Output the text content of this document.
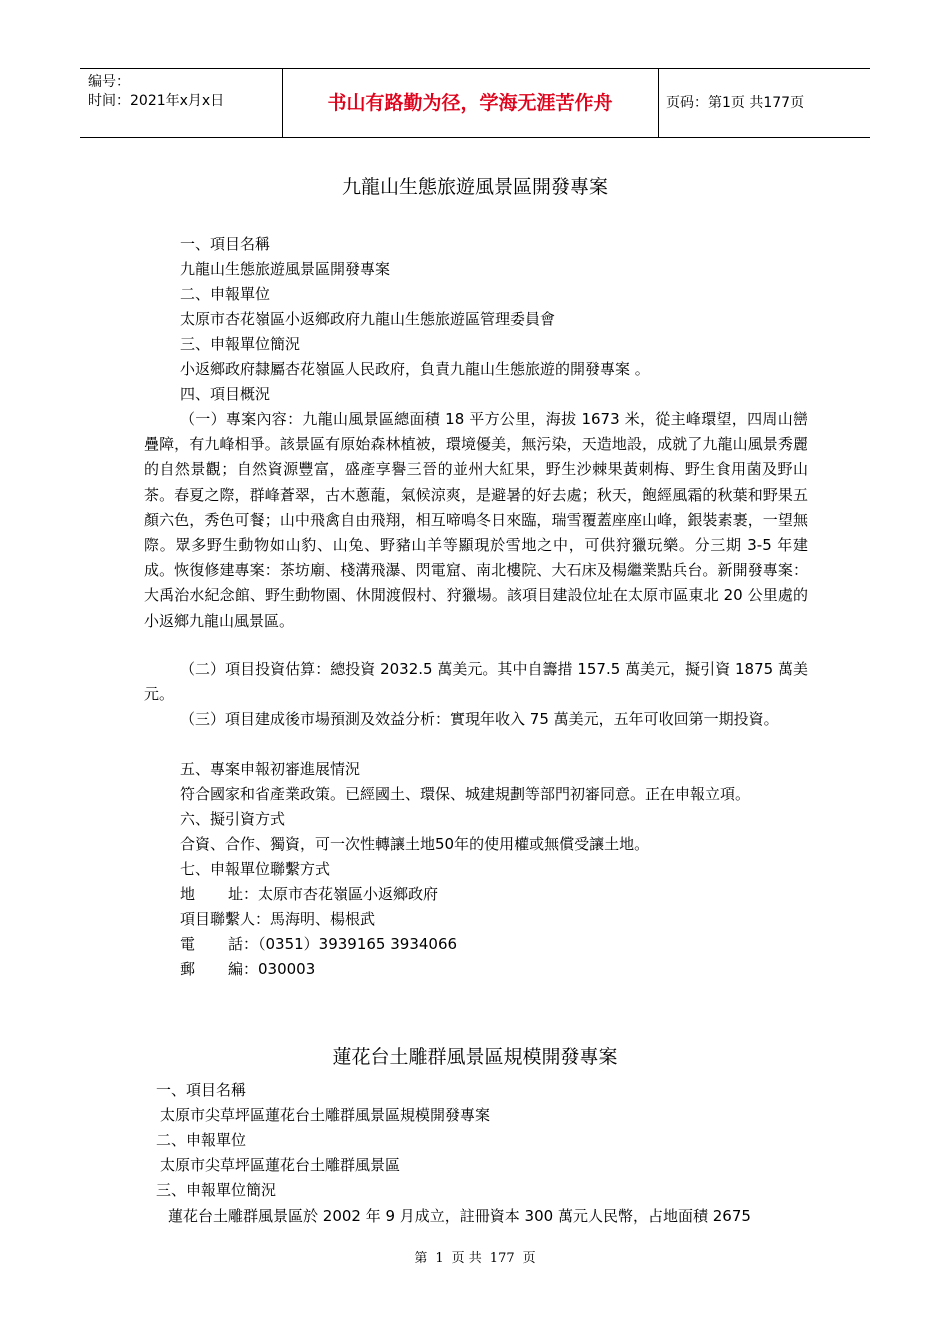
编号：
时间：2021年x月x日	书山有路勤为径，学海无涯苦作舟	页码：第1页 共177页
九龍山生態旅遊風景區開發專案
一、項目名稱
九龍山生態旅遊風景區開發專案
二、申報單位
太原市杏花嶺區小返鄉政府九龍山生態旅遊區管理委員會
三、申報單位簡況
小返鄉政府隸屬杏花嶺區人民政府，負責九龍山生態旅遊的開發專案 。
四、項目概況
（一）專案內容：九龍山風景區總面積 18 平方公里，海拔 1673 米，從主峰環望，四周山巒疊障，有九峰相爭。該景區有原始森林植被，環境優美，無污染，天造地設，成就了九龍山風景秀麗的自然景觀；自然資源豐富，盛產享譽三晉的並州大紅果，野生沙棘果黃刺梅、野生食用菌及野山茶。春夏之際，群峰蒼翠，古木蔥蘢，氣候涼爽，是避暑的好去處；秋天，飽經風霜的秋葉和野果五顏六色，秀色可餐；山中飛禽自由飛翔，相互啼鳴冬日來臨，瑞雪覆蓋座座山峰，銀裝素裹，一望無際。眾多野生動物如山豹、山兔、野豬山羊等顯現於雪地之中，可供狩獵玩樂。分三期 3-5 年建成。恢復修建專案：茶坊廟、棧溝飛瀑、閃電窟、南北樓院、大石床及楊繼業點兵台。新開發專案：大禹治水紀念館、野生動物園、休閒渡假村、狩獵場。該項目建設位址在太原市區東北 20 公里處的小返鄉九龍山風景區。
（二）項目投資估算：總投資 2032.5 萬美元。其中自籌措 157.5 萬美元，擬引資 1875 萬美元。
（三）項目建成後市場預測及效益分析：實現年收入 75 萬美元，五年可收回第一期投資。
五、專案申報初審進展情況
符合國家和省產業政策。已經國土、環保、城建規劃等部門初審同意。正在申報立項。
六、擬引資方式
合資、合作、獨資，可一次性轉讓土地50年的使用權或無償受讓土地。
七、申報單位聯繫方式
地 址：太原市杏花嶺區小返鄉政府
項目聯繫人：馬海明、楊根武
電 話：（0351）3939165 3934066
郵 編：030003
蓮花台土雕群風景區規模開發專案
一、項目名稱
太原市尖草坪區蓮花台土雕群風景區規模開發專案
二、申報單位
太原市尖草坪區蓮花台土雕群風景區
三、申報單位簡況
蓮花台土雕群風景區於 2002 年 9 月成立，註冊資本 300 萬元人民幣，占地面積 2675
第 1 页 共 177 页
